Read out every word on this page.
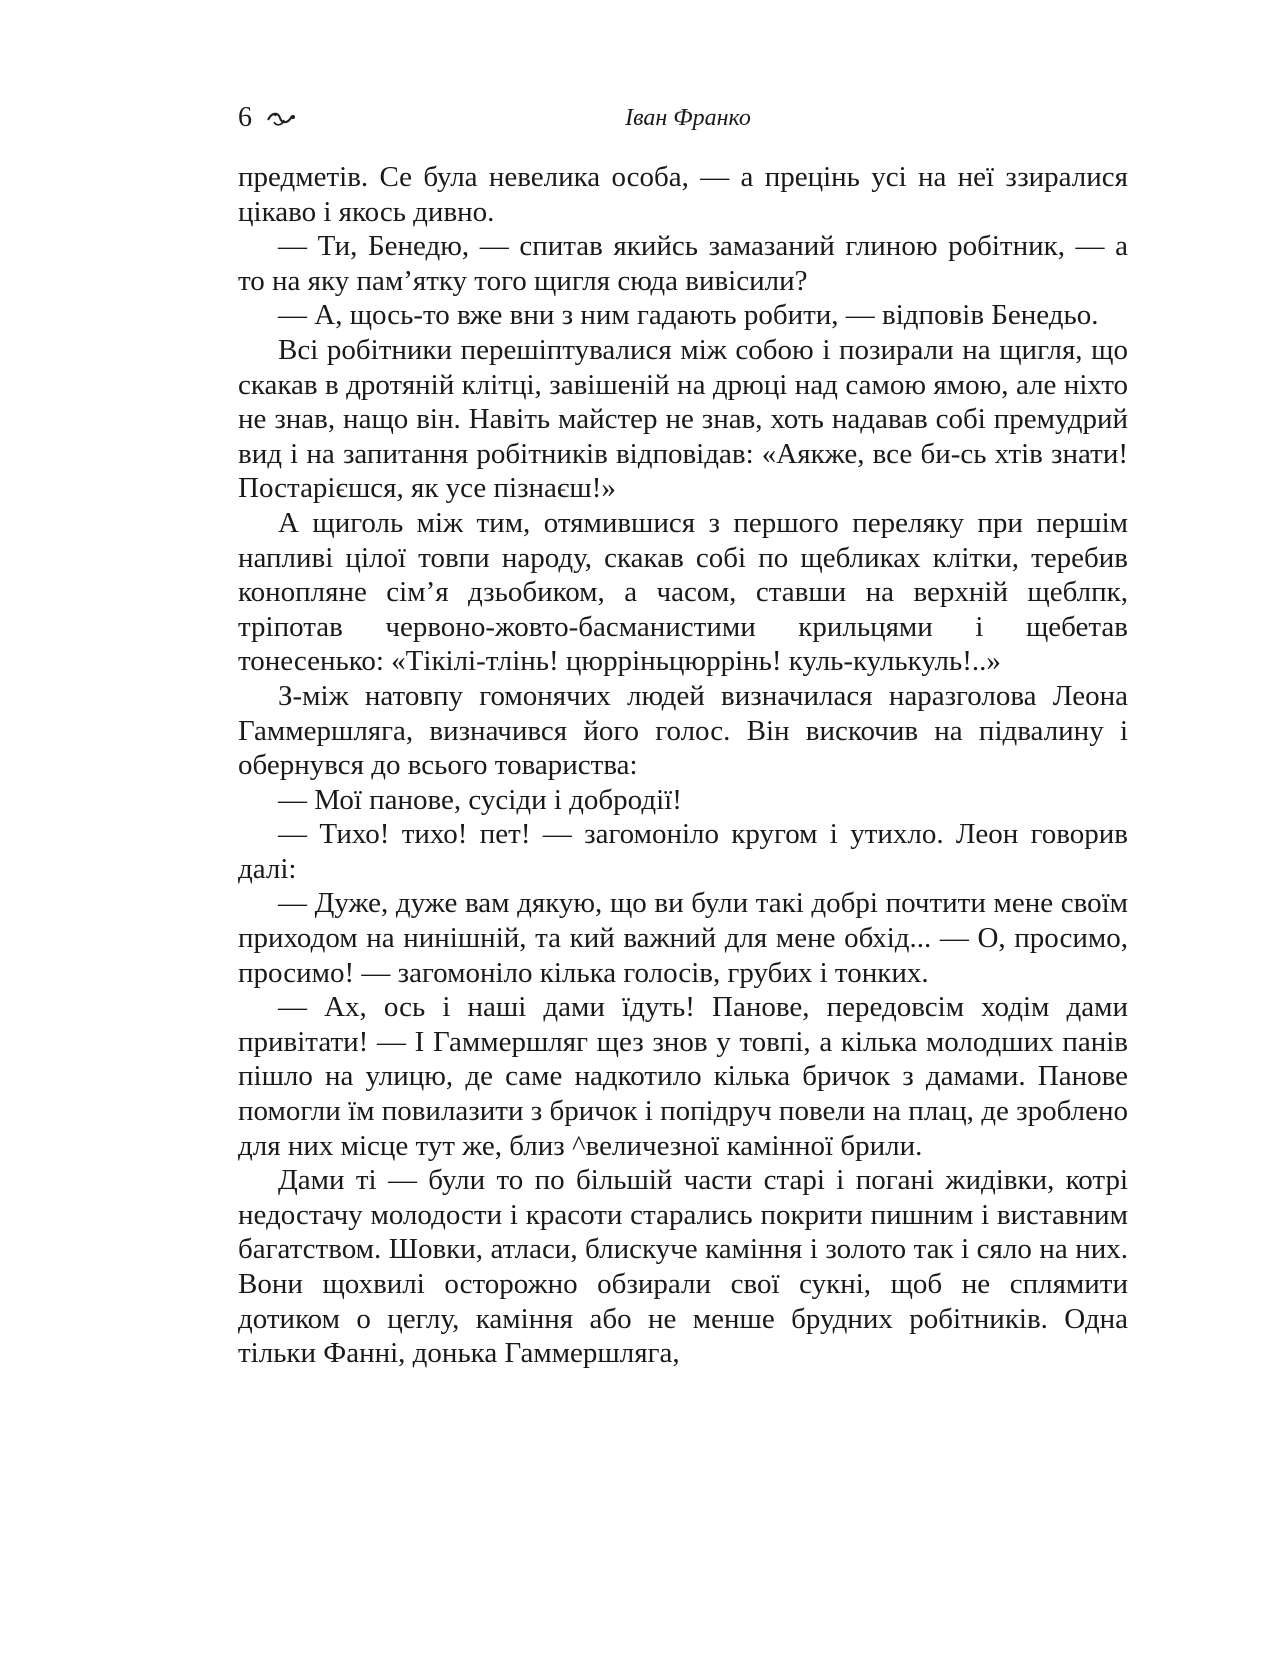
6	Іван Франко

предметів. Се була невелика особа, — а прецінь усі на неї ззиралися цікаво і якось дивно.

— Ти, Бенедю, — спитав якийсь замазаний глиною робітник, — а то на яку пам’ятку того щигля сюда вивісили?

— А, щось-то вже вни з ним гадають робити, — відповів Бенедьо.

Всі робітники перешіптувалися між собою і позирали на щигля, що скакав в дротяній клітці, завішеній на дрюці над самою ямою, але ніхто не знав, нащо він. Навіть майстер не знав, хоть надавав собі премудрий вид і на запитання робітників відповідав: «Аякже, все би-сь хтів знати! Постарієшся, як усе пізнаєш!»

А щиголь між тим, отямившися з першого переляку при першім напливі цілої товпи народу, скакав собі по щебликах клітки, теребив конопляне сім’я дзьобиком, а часом, ставши на верхній щеблпк, тріпотав червоно-жовто-басманистими крильцями і щебетав тонесенько: «Тікілі-тлінь! цюрріньцюррінь! куль-кулькуль!..»

З-між натовпу гомонячих людей визначилася наразголова Леона Гаммершляга, визначився його голос. Він вискочив на підвалину і обернувся до всього товариства:

— Мої панове, сусіди і добродії!

— Тихо! тихо! пет! — загомоніло кругом і утихло. Леон говорив далі:

— Дуже, дуже вам дякую, що ви були такі добрі почтити мене своїм приходом на нинішній, та кий важний для мене обхід... — О, просимо, просимо! — загомоніло кілька голосів, грубих і тонких.

— Ах, ось і наші дами їдуть! Панове, передовсім ходім дами привітати! — І Гаммершляг щез знов у товпі, а кілька молодших панів пішло на улицю, де саме надкотило кілька бричок з дамами. Панове помогли їм повилазити з бричок і попідруч повели на плац, де зроблено для них місце тут же, близ ^величезної камінної брили.

Дами ті — були то по більшій части старі і погані жидівки, котрі недостачу молодости і красоти старались покрити пишним і виставним багатством. Шовки, атласи, блискуче каміння і золото так і сяло на них. Вони щохвилі осторожно обзирали свої сукні, щоб не сплямити дотиком о цеглу, каміння або не менше брудних робітників. Одна тільки Фанні, донька Гаммершляга,
